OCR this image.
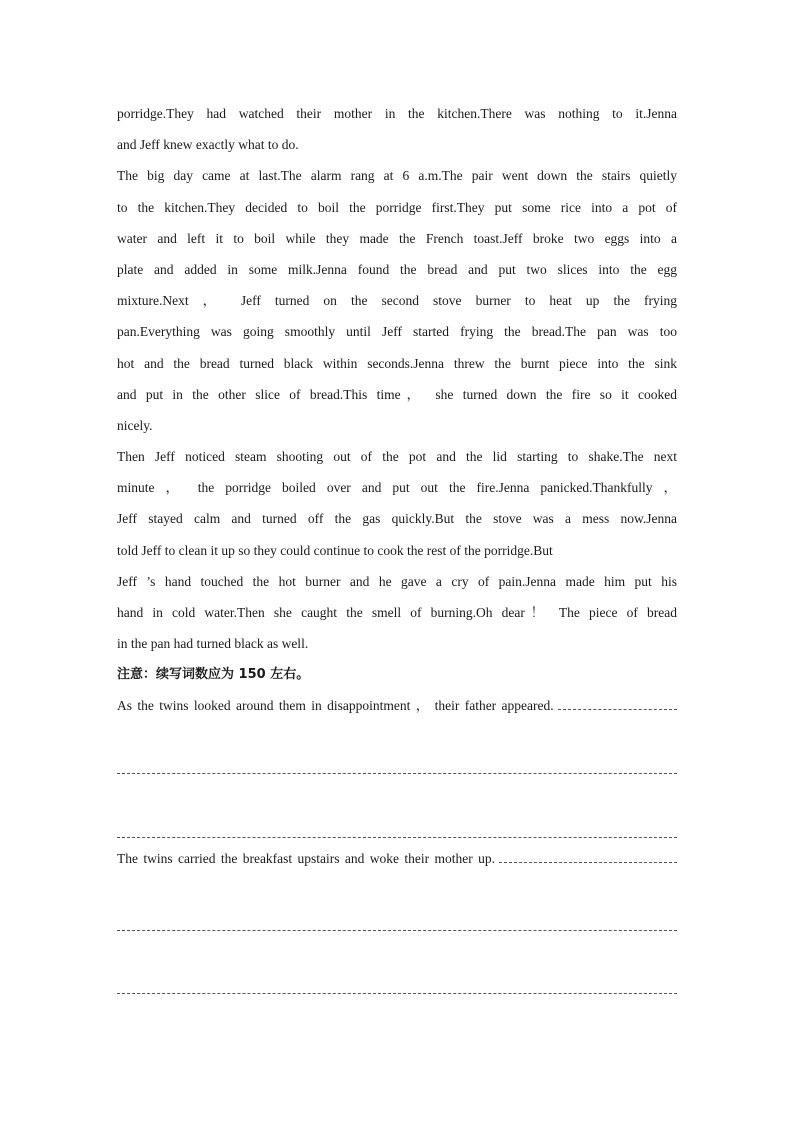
porridge.They had watched their mother in the kitchen.There was nothing to it.Jenna
and Jeff knew exactly what to do.
The big day came at last.The alarm rang at 6 a.m.The pair went down the stairs quietly
to the kitchen.They decided to boil the porridge first.They put some rice into a pot of
water and left it to boil while they made the French toast.Jeff broke two eggs into a
plate and added in some milk.Jenna found the bread and put two slices into the egg
mixture.Next ， Jeff turned on the second stove burner to heat up the frying
pan.Everything was going smoothly until Jeff started frying the bread.The pan was too
hot and the bread turned black within seconds.Jenna threw the burnt piece into the sink
and put in the other slice of bread.This time， she turned down the fire so it cooked
nicely.
Then Jeff noticed steam shooting out of the pot and the lid starting to shake.The next
minute ， the porridge boiled over and put out the fire.Jenna panicked.Thankfully ，
Jeff stayed calm and turned off the gas quickly.But the stove was a mess now.Jenna
told Jeff to clean it up so they could continue to cook the rest of the porridge.But
Jeff ’s hand touched the hot burner and he gave a cry of pain.Jenna made him put his
hand in cold water.Then she caught the smell of burning.Oh dear！ The piece of bread
in the pan had turned black as well.
注意：续写词数应为 150 左右。
As the twins looked around them in disappointment ， their father appeared.
The twins carried the breakfast upstairs and woke their mother up.
